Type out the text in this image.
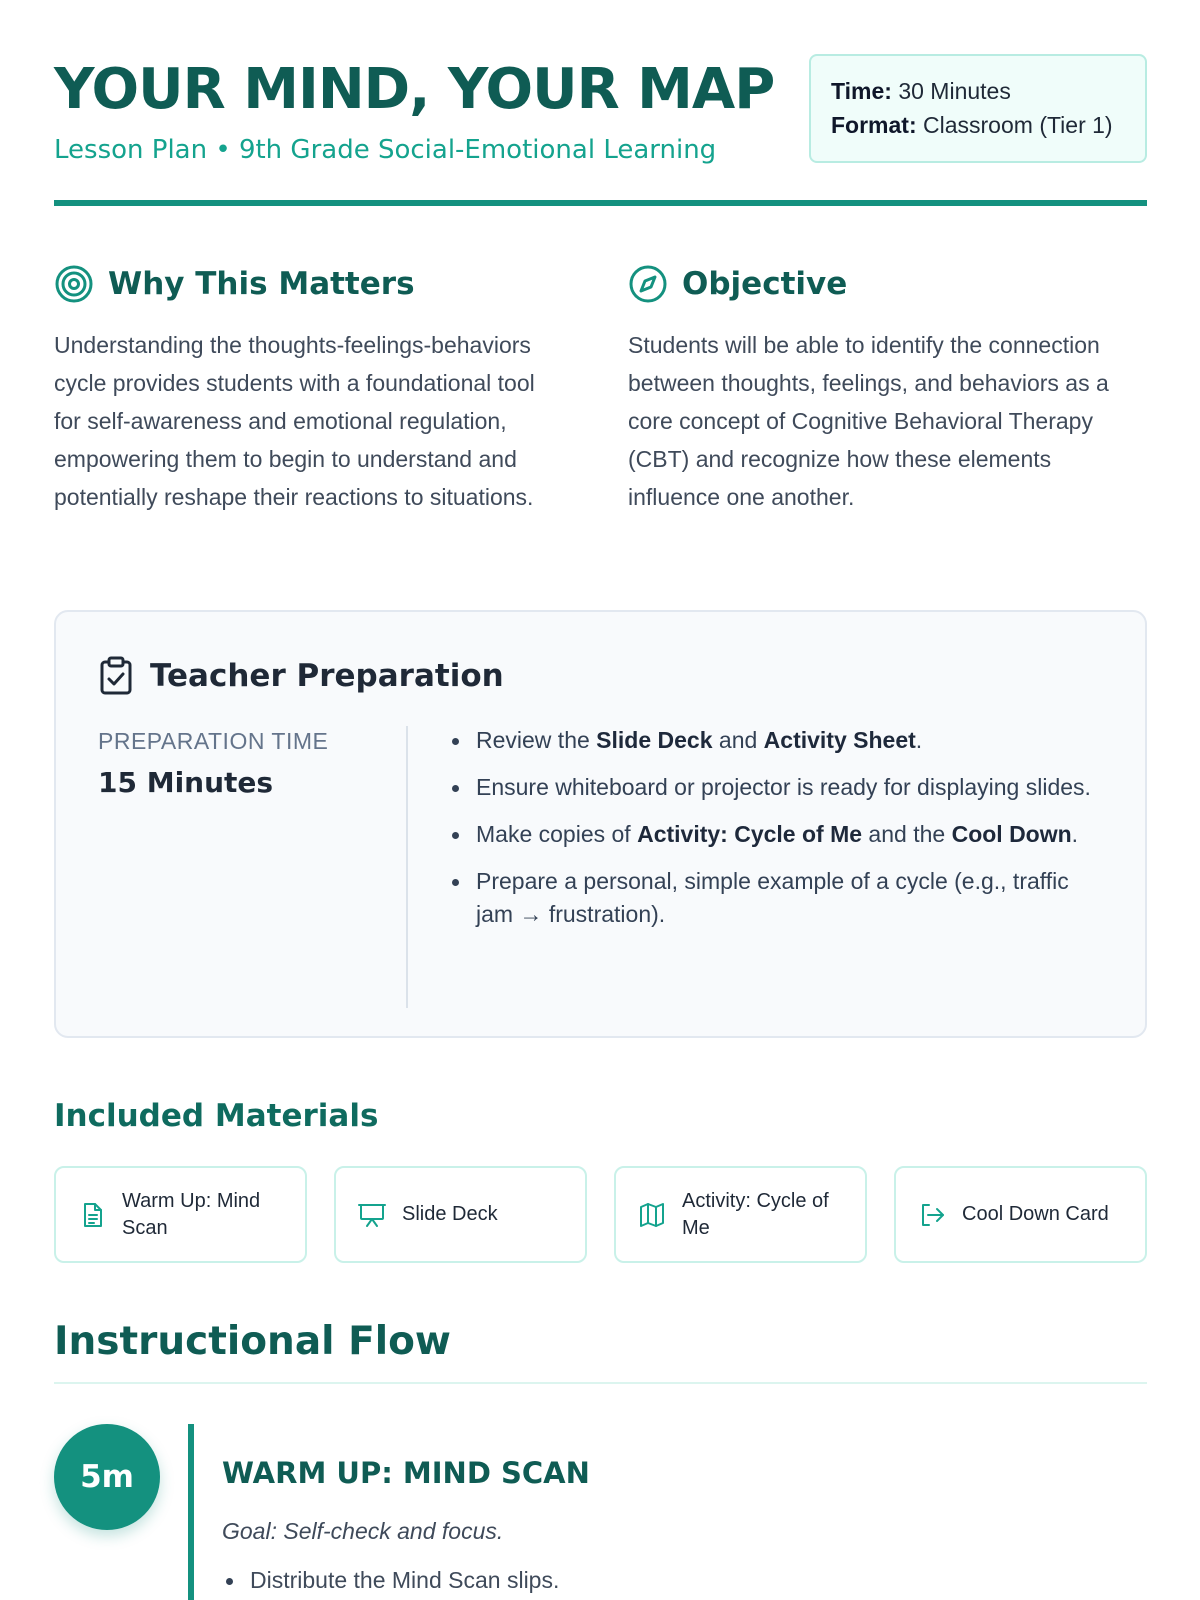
YOUR MIND, YOUR MAP
Lesson Plan • 9th Grade Social-Emotional Learning
Time: 30 Minutes
Format: Classroom (Tier 1)
Why This Matters

Understanding the thoughts-feelings-behaviors cycle provides students with a foundational tool for self-awareness and emotional regulation, empowering them to begin to understand and potentially reshape their reactions to situations.

Objective

Students will be able to identify the connection between thoughts, feelings, and behaviors as a core concept of Cognitive Behavioral Therapy (CBT) and recognize how these elements influence one another.

Teacher Preparation
PREPARATION TIME
15 Minutes
Review the Slide Deck and Activity Sheet.
Ensure whiteboard or projector is ready for displaying slides.
Make copies of Activity: Cycle of Me and the Cool Down.
Prepare a personal, simple example of a cycle (e.g., traffic jam → frustration).
Included Materials
Warm Up: Mind Scan
Slide Deck
Activity: Cycle of Me
Cool Down Card
Instructional Flow
5m	WARM UP: MIND SCAN
Goal: Self-check and focus.
Distribute the Mind Scan slips.
